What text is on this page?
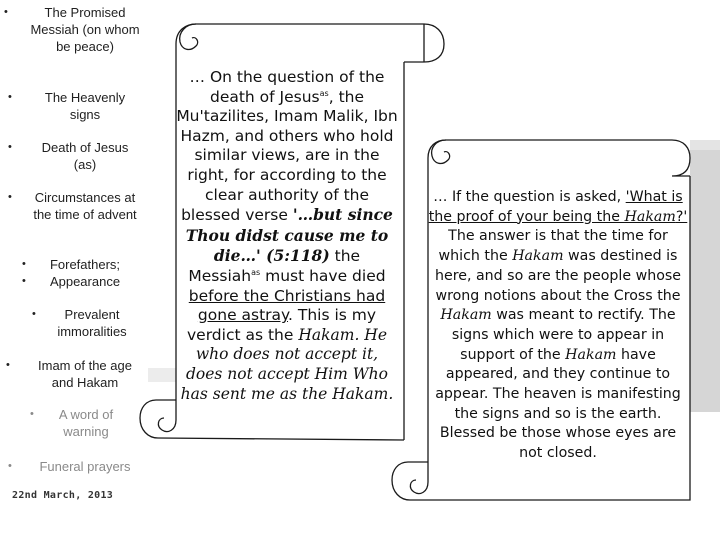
•	The Promised Messiah (on whom be peace)
•	The Heavenly signs
•	Death of Jesus (as)
•	Circumstances at the time of advent
•
•
Forefathers; Appearance
•	Prevalent immoralities
•	Imam of the age and Hakam
•	A word of warning
•	Funeral prayers
22nd March, 2013
… On the question of the death of Jesus$^{as}$, the Mu'tazilites, Imam Malik, Ibn Hazm, and others who hold similar views, are in the right, for according to the clear authority of the blessed verse '…but since Thou didst cause me to die…' (5:118) the Messiah$^{as}$ must have died before the Christians had gone astray. This is my verdict as the Hakam. He who does not accept it, does not accept Him Who has sent me as the Hakam.
… If the question is asked, 'What is the proof of your being the Hakam?' The answer is that the time for which the Hakam was destined is here, and so are the people whose wrong notions about the Cross the Hakam was meant to rectify. The signs which were to appear in support of the Hakam have appeared, and they continue to appear. The heaven is manifesting the signs and so is the earth. Blessed be those whose eyes are not closed.
